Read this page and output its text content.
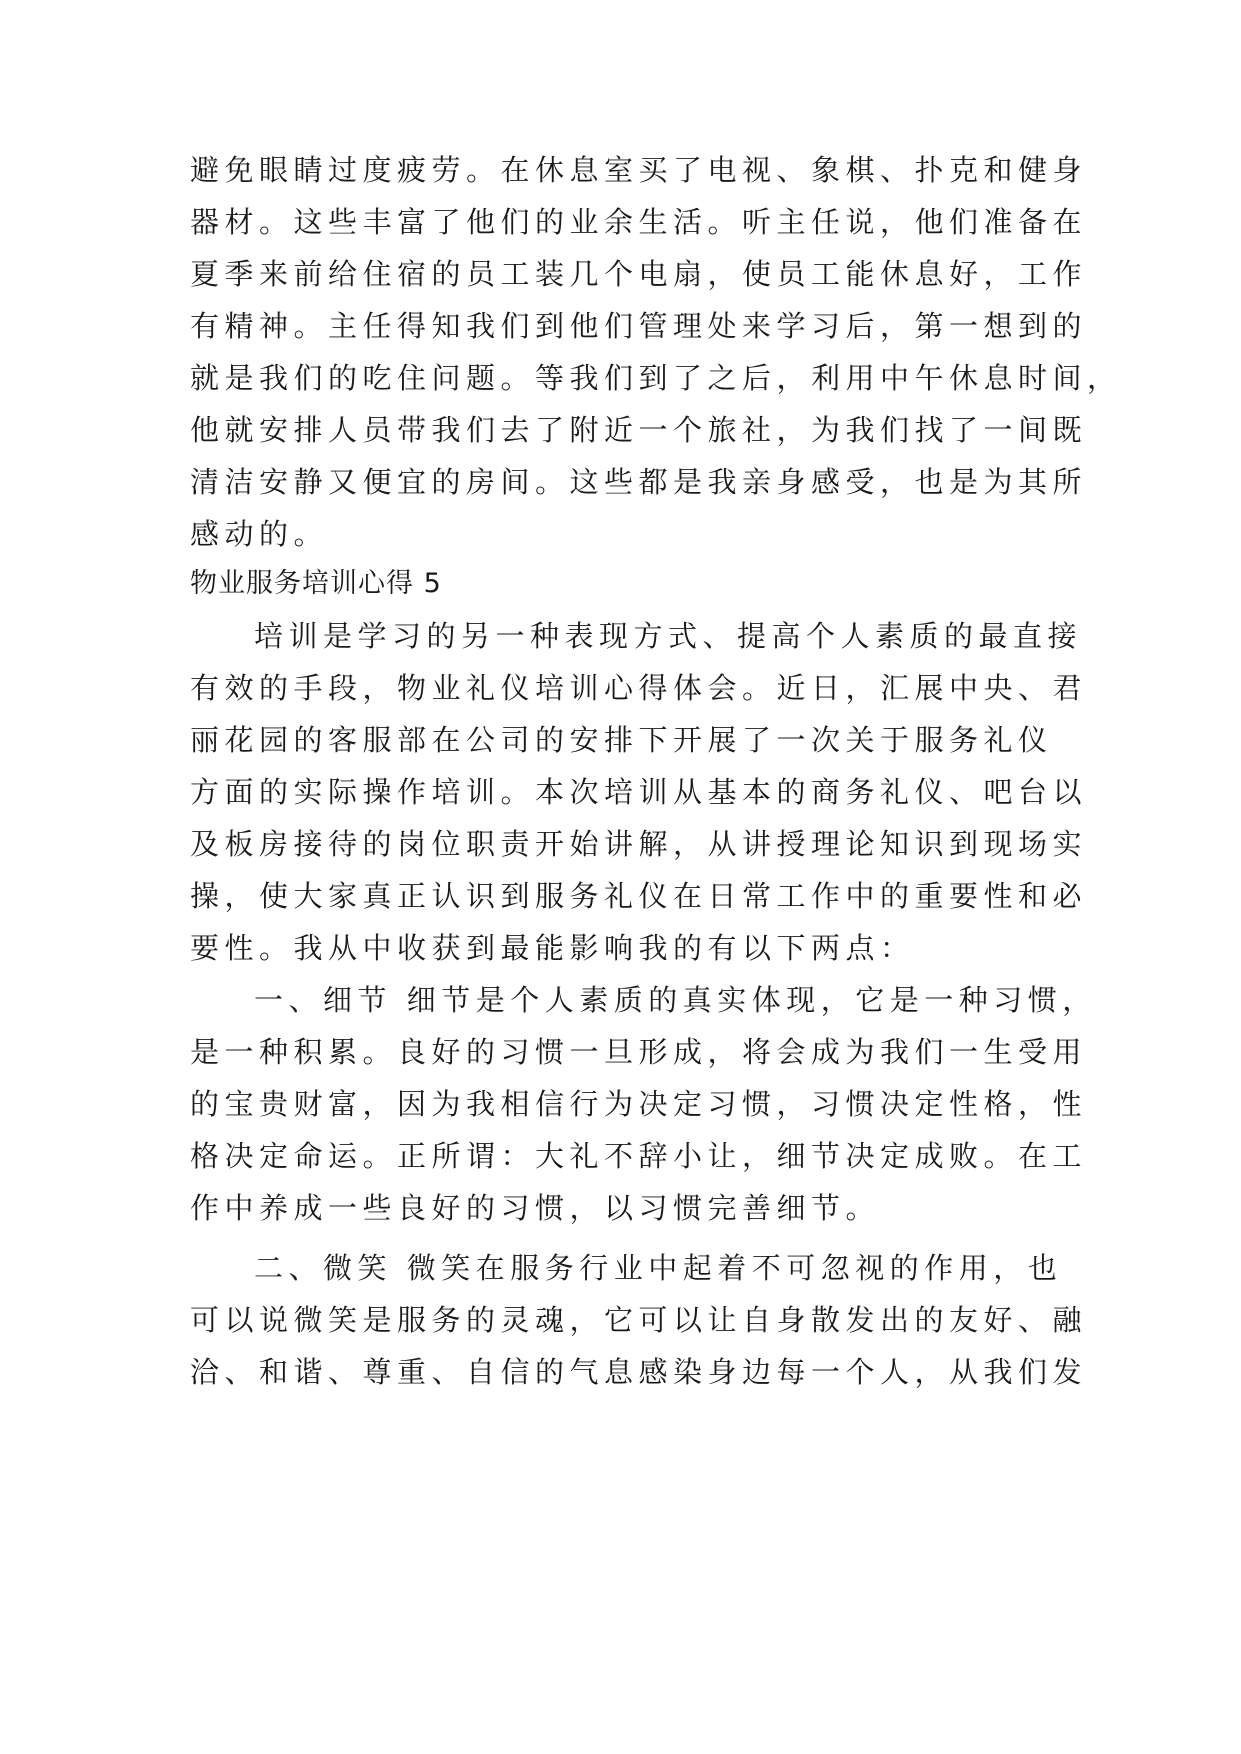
避免眼睛过度疲劳。在休息室买了电视、象棋、扑克和健身
器材。这些丰富了他们的业余生活。听主任说，他们准备在
夏季来前给住宿的员工装几个电扇，使员工能休息好，工作
有精神。主任得知我们到他们管理处来学习后，第一想到的
就是我们的吃住问题。等我们到了之后，利用中午休息时间，
他就安排人员带我们去了附近一个旅社，为我们找了一间既
清洁安静又便宜的房间。这些都是我亲身感受，也是为其所
感动的。
物业服务培训心得 5
培训是学习的另一种表现方式、提高个人素质的最直接
有效的手段，物业礼仪培训心得体会。近日，汇展中央、君
丽花园的客服部在公司的安排下开展了一次关于服务礼仪
方面的实际操作培训。本次培训从基本的商务礼仪、吧台以
及板房接待的岗位职责开始讲解，从讲授理论知识到现场实
操，使大家真正认识到服务礼仪在日常工作中的重要性和必
要性。我从中收获到最能影响我的有以下两点：
一、细节 细节是个人素质的真实体现，它是一种习惯，
是一种积累。良好的习惯一旦形成，将会成为我们一生受用
的宝贵财富，因为我相信行为决定习惯，习惯决定性格，性
格决定命运。正所谓：大礼不辞小让，细节决定成败。在工
作中养成一些良好的习惯，以习惯完善细节。
二、微笑 微笑在服务行业中起着不可忽视的作用，也
可以说微笑是服务的灵魂，它可以让自身散发出的友好、融
洽、和谐、尊重、自信的气息感染身边每一个人，从我们发
